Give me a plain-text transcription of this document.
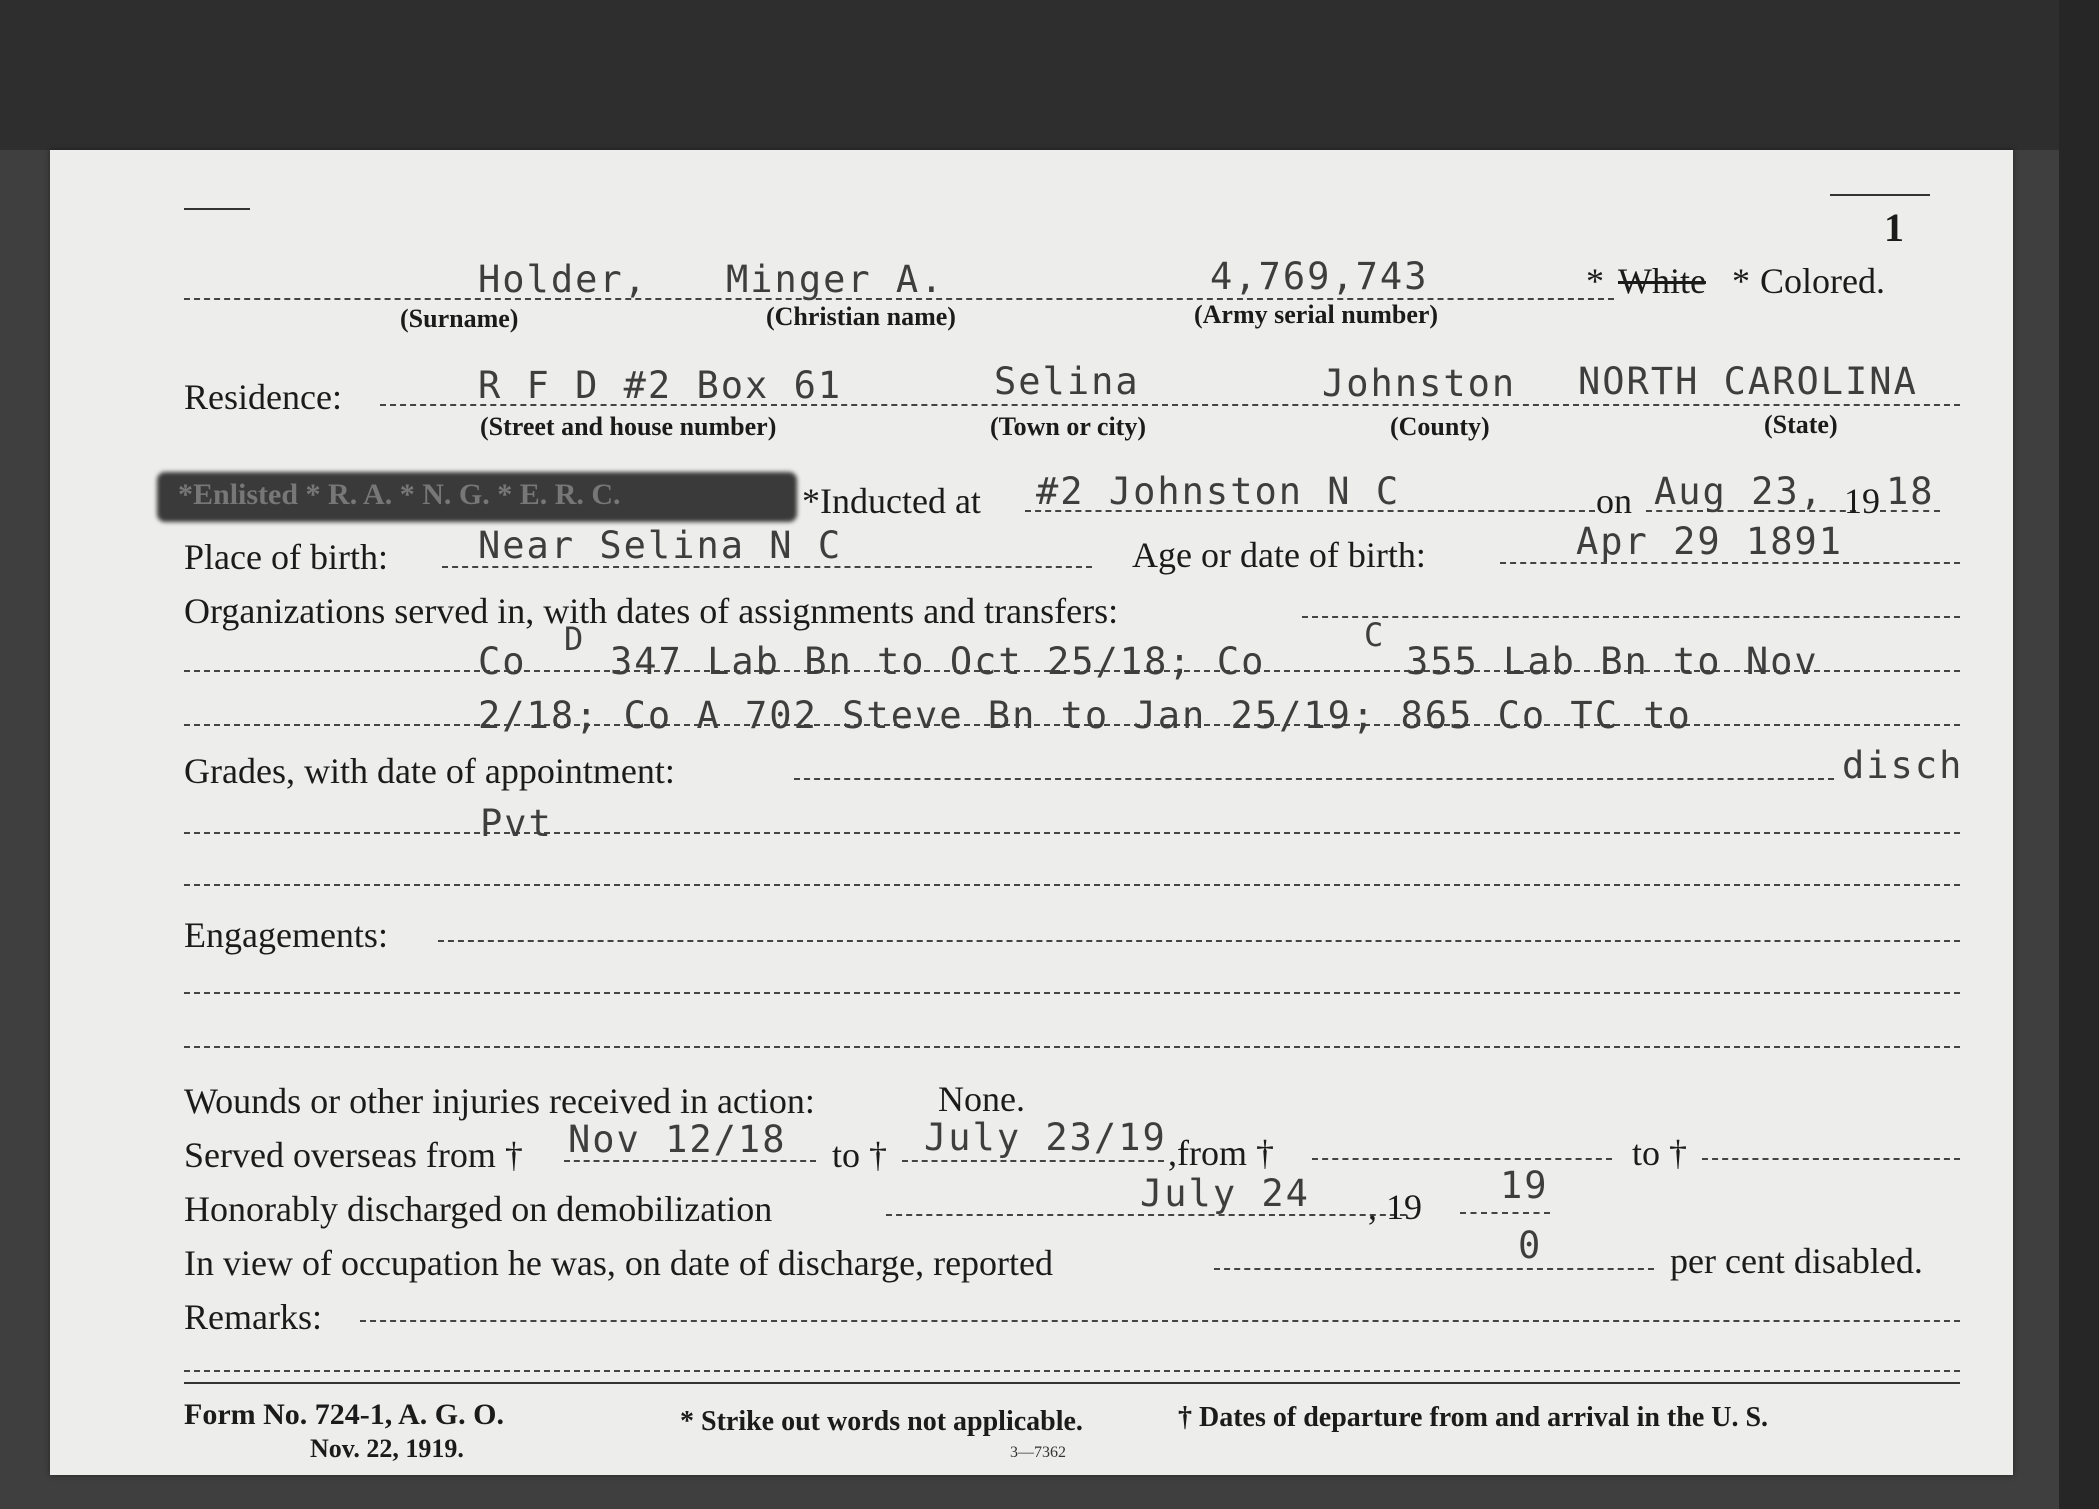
1
Holder, Minger A.	4,769,743
(Surname)	(Christian name)	(Army serial number)
* White * Colored.
Residence:	R F D #2 Box 61	Selina	Johnston NORTH CAROLINA
(Street and house number)	(Town or city)	(County)	(State)
*Enlisted * R. A. * N. G. * E. R. C.	*Inducted at #2 Johnston N C	on Aug 23, 19 18
Place of birth: Near Selina N C	Age or date of birth:	Apr 29 1891
Organizations served in, with dates of assignments and transfers:
Co
D
347 Lab Bn to Oct 25/18; Co
C
355 Lab Bn to Nov
2/18; Co A 702 Steve Bn to Jan 25/19; 865 Co TC to
disch
Grades, with date of appointment:
Pvt
Engagements:
Wounds or other injuries received in action:	None.
Served overseas from † Nov 12/18 to † July 23/19 ,from †	to †
Honorably discharged on demobilization	July 24 , 19 19
In view of occupation he was, on date of discharge, reported	0	per cent disabled.
Remarks:
Form No. 724-1, A. G. O.
Nov. 22, 1919.
* Strike out words not applicable.	† Dates of departure from and arrival in the U. S.
3—7362
